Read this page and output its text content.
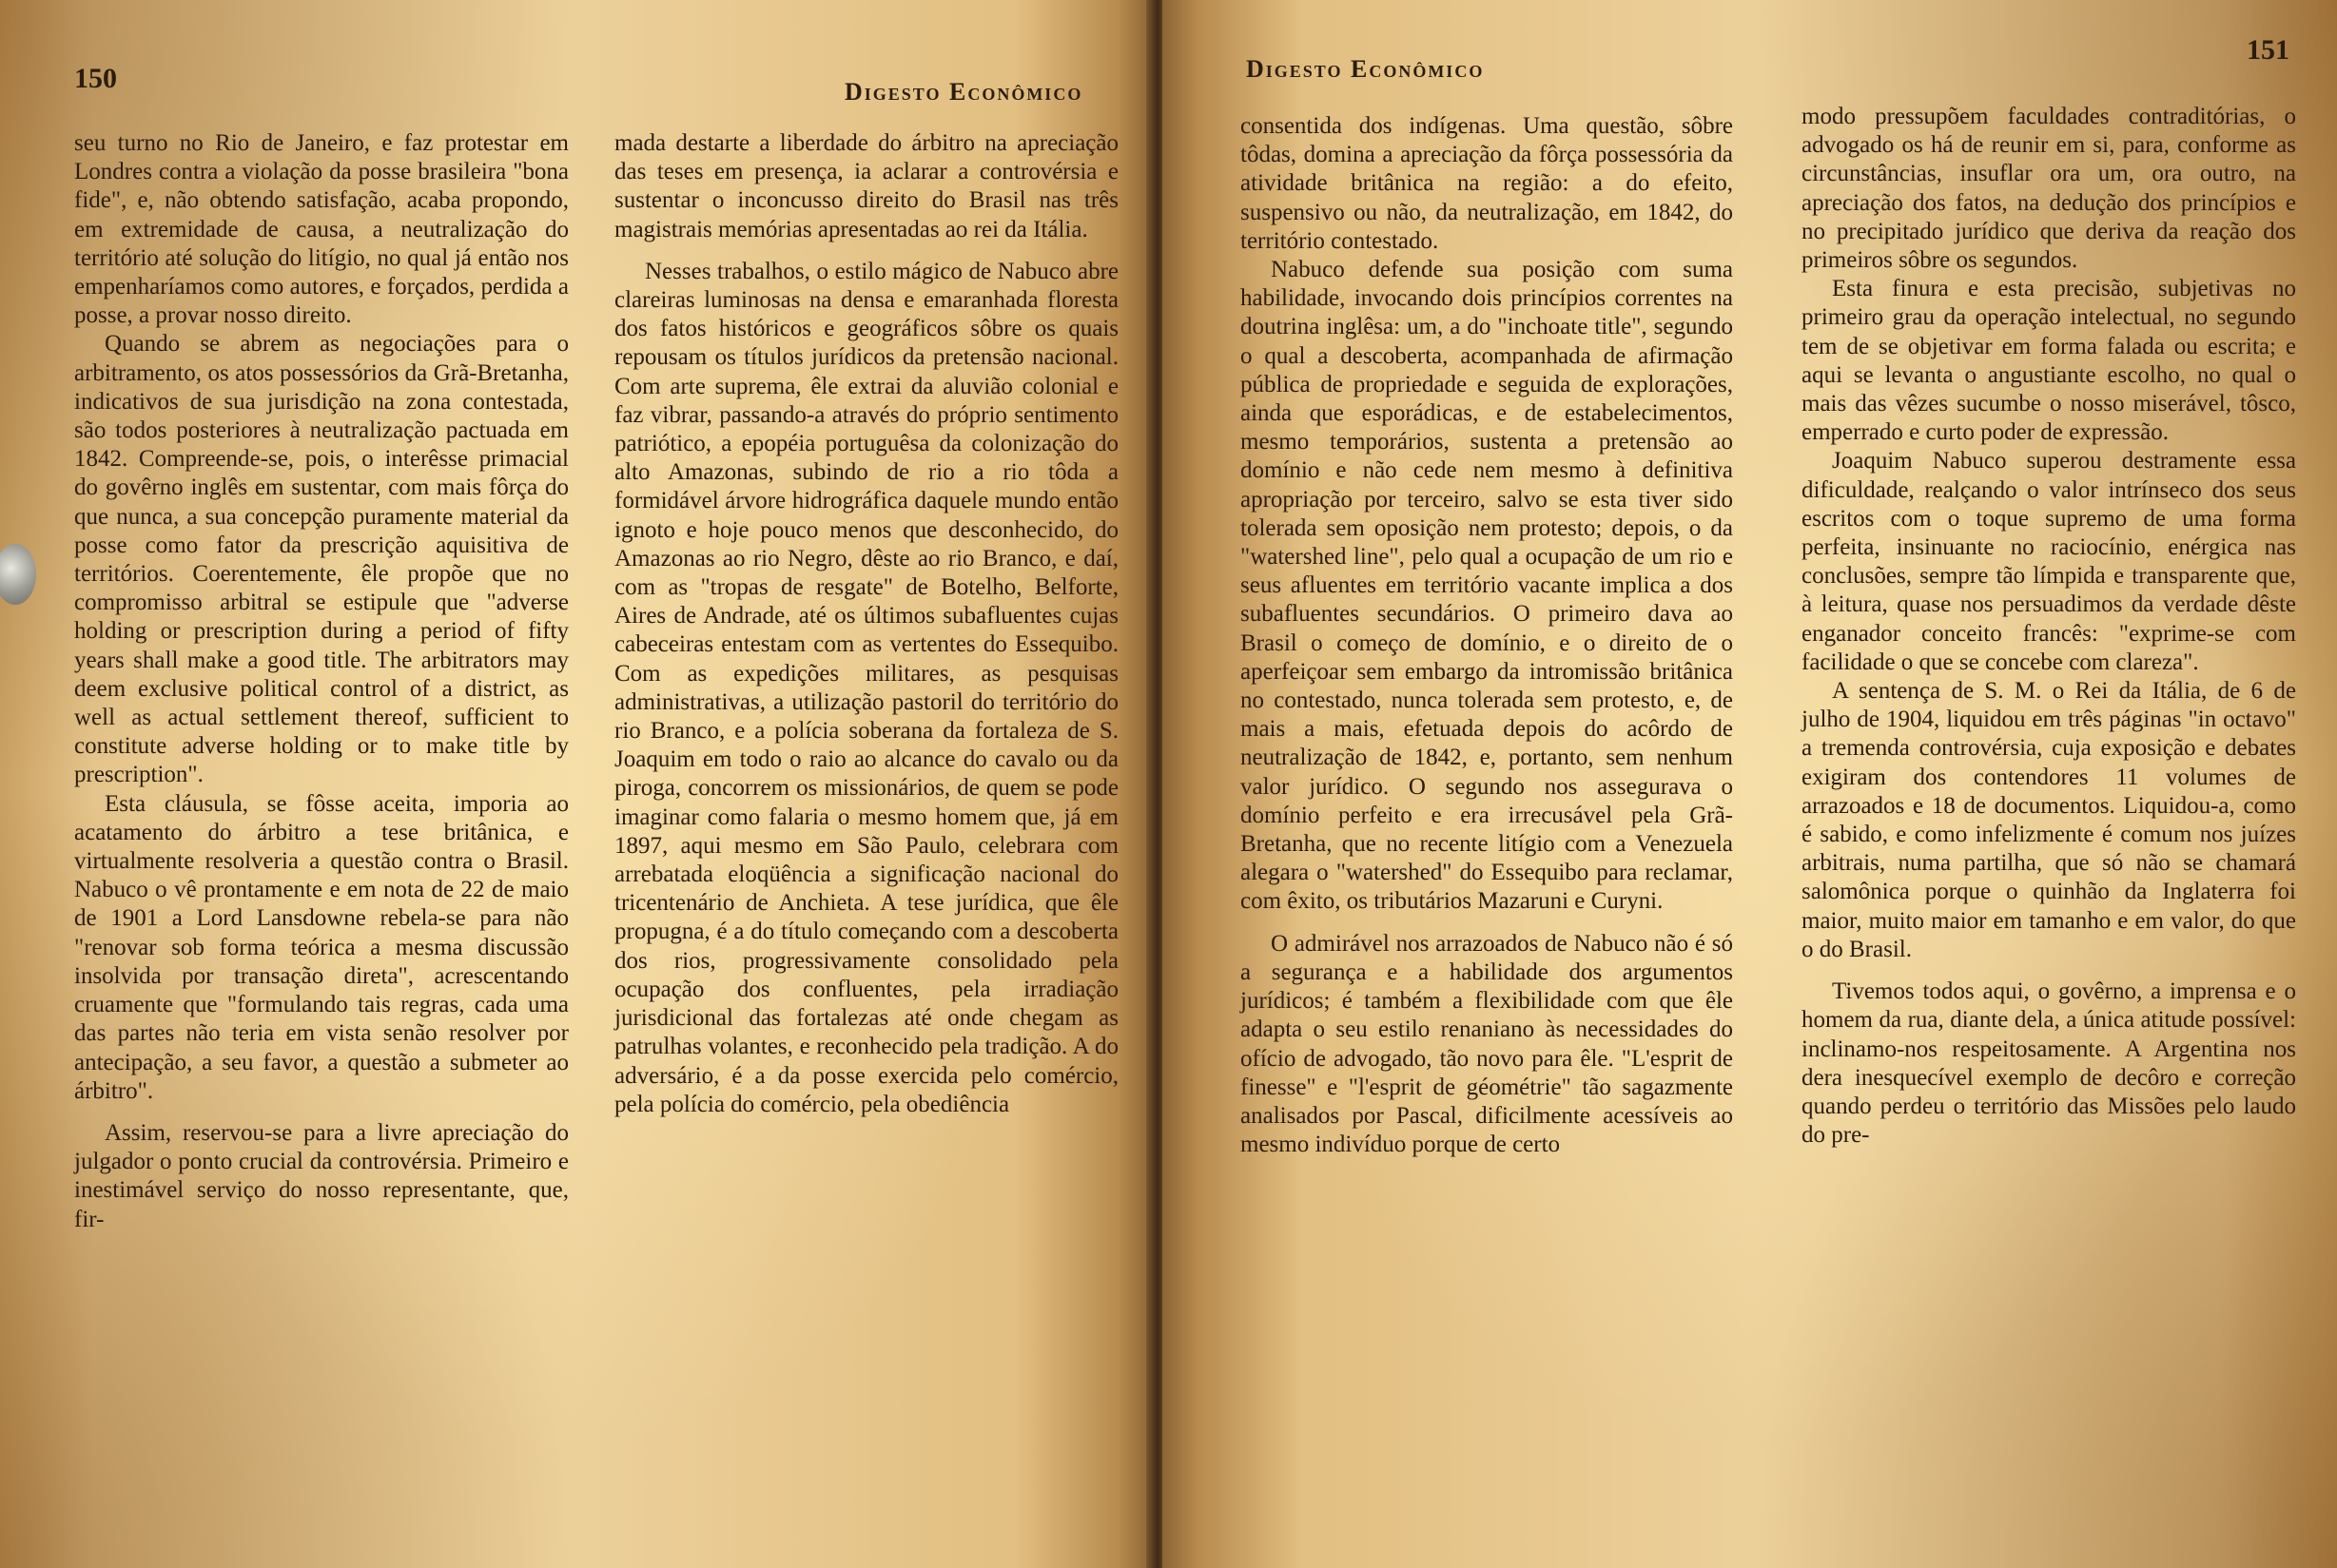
150	Digesto Econômico

seu turno no Rio de Janeiro, e faz protestar em Londres contra a violação da posse brasileira "bona fide", e, não obtendo satisfação, acaba propondo, em extremidade de causa, a neutralização do território até solução do litígio, no qual já então nos empenharíamos como autores, e forçados, perdida a posse, a provar nosso direito.

Quando se abrem as negociações para o arbitramento, os atos possessórios da Grã-Bretanha, indicativos de sua jurisdição na zona contestada, são todos posteriores à neutralização pactuada em 1842. Compreende-se, pois, o interêsse primacial do govêrno inglês em sustentar, com mais fôrça do que nunca, a sua concepção puramente material da posse como fator da prescrição aquisitiva de territórios. Coerentemente, êle propõe que no compromisso arbitral se estipule que "adverse holding or prescription during a period of fifty years shall make a good title. The arbitrators may deem exclusive political control of a district, as well as actual settlement thereof, sufficient to constitute adverse holding or to make title by prescription".

Esta cláusula, se fôsse aceita, imporia ao acatamento do árbitro a tese britânica, e virtualmente resolveria a questão contra o Brasil. Nabuco o vê prontamente e em nota de 22 de maio de 1901 a Lord Lansdowne rebela-se para não "renovar sob forma teórica a mesma discussão insolvida por transação direta", acrescentando cruamente que "formulando tais regras, cada uma das partes não teria em vista senão resolver por antecipação, a seu favor, a questão a submeter ao árbitro".

Assim, reservou-se para a livre apreciação do julgador o ponto crucial da controvérsia. Primeiro e inestimável serviço do nosso representante, que, fir-

mada destarte a liberdade do árbitro na apreciação das teses em presença, ia aclarar a controvérsia e sustentar o inconcusso direito do Brasil nas três magistrais memórias apresentadas ao rei da Itália.

Nesses trabalhos, o estilo mágico de Nabuco abre clareiras luminosas na densa e emaranhada floresta dos fatos históricos e geográficos sôbre os quais repousam os títulos jurídicos da pretensão nacional. Com arte suprema, êle extrai da aluvião colonial e faz vibrar, passando-a através do próprio sentimento patriótico, a epopéia portuguêsa da colonização do alto Amazonas, subindo de rio a rio tôda a formidável árvore hidrográfica daquele mundo então ignoto e hoje pouco menos que desconhecido, do Amazonas ao rio Negro, dêste ao rio Branco, e daí, com as "tropas de resgate" de Botelho, Belforte, Aires de Andrade, até os últimos subafluentes cujas cabeceiras entestam com as vertentes do Essequibo. Com as expedições militares, as pesquisas administrativas, a utilização pastoril do território do rio Branco, e a polícia soberana da fortaleza de S. Joaquim em todo o raio ao alcance do cavalo ou da piroga, concorrem os missionários, de quem se pode imaginar como falaria o mesmo homem que, já em 1897, aqui mesmo em São Paulo, celebrara com arrebatada eloqüência a significação nacional do tricentenário de Anchieta. A tese jurídica, que êle propugna, é a do título começando com a descoberta dos rios, progressivamente consolidado pela ocupação dos confluentes, pela irradiação jurisdicional das fortalezas até onde chegam as patrulhas volantes, e reconhecido pela tradição. A do adversário, é a da posse exercida pelo comércio, pela polícia do comércio, pela obediência

151
Digesto Econômico

consentida dos indígenas. Uma questão, sôbre tôdas, domina a apreciação da fôrça possessória da atividade britânica na região: a do efeito, suspensivo ou não, da neutralização, em 1842, do território contestado.

Nabuco defende sua posição com suma habilidade, invocando dois princípios correntes na doutrina inglêsa: um, a do "inchoate title", segundo o qual a descoberta, acompanhada de afirmação pública de propriedade e seguida de explorações, ainda que esporádicas, e de estabelecimentos, mesmo temporários, sustenta a pretensão ao domínio e não cede nem mesmo à definitiva apropriação por terceiro, salvo se esta tiver sido tolerada sem oposição nem protesto; depois, o da "watershed line", pelo qual a ocupação de um rio e seus afluentes em território vacante implica a dos subafluentes secundários. O primeiro dava ao Brasil o começo de domínio, e o direito de o aperfeiçoar sem embargo da intromissão britânica no contestado, nunca tolerada sem protesto, e, de mais a mais, efetuada depois do acôrdo de neutralização de 1842, e, portanto, sem nenhum valor jurídico. O segundo nos assegurava o domínio perfeito e era irrecusável pela Grã-Bretanha, que no recente litígio com a Venezuela alegara o "watershed" do Essequibo para reclamar, com êxito, os tributários Mazaruni e Curyni.

O admirável nos arrazoados de Nabuco não é só a segurança e a habilidade dos argumentos jurídicos; é também a flexibilidade com que êle adapta o seu estilo renaniano às necessidades do ofício de advogado, tão novo para êle. "L'esprit de finesse" e "l'esprit de géométrie" tão sagazmente analisados por Pascal, dificilmente acessíveis ao mesmo indivíduo porque de certo

modo pressupõem faculdades contraditórias, o advogado os há de reunir em si, para, conforme as circunstâncias, insuflar ora um, ora outro, na apreciação dos fatos, na dedução dos princípios e no precipitado jurídico que deriva da reação dos primeiros sôbre os segundos.

Esta finura e esta precisão, subjetivas no primeiro grau da operação intelectual, no segundo tem de se objetivar em forma falada ou escrita; e aqui se levanta o angustiante escolho, no qual o mais das vêzes sucumbe o nosso miserável, tôsco, emperrado e curto poder de expressão.

Joaquim Nabuco superou destramente essa dificuldade, realçando o valor intrínseco dos seus escritos com o toque supremo de uma forma perfeita, insinuante no raciocínio, enérgica nas conclusões, sempre tão límpida e transparente que, à leitura, quase nos persuadimos da verdade dêste enganador conceito francês: "exprime-se com facilidade o que se concebe com clareza".

A sentença de S. M. o Rei da Itália, de 6 de julho de 1904, liquidou em três páginas "in octavo" a tremenda controvérsia, cuja exposição e debates exigiram dos contendores 11 volumes de arrazoados e 18 de documentos. Liquidou-a, como é sabido, e como infelizmente é comum nos juízes arbitrais, numa partilha, que só não se chamará salomônica porque o quinhão da Inglaterra foi maior, muito maior em tamanho e em valor, do que o do Brasil.

Tivemos todos aqui, o govêrno, a imprensa e o homem da rua, diante dela, a única atitude possível: inclinamo-nos respeitosamente. A Argentina nos dera inesquecível exemplo de decôro e correção quando perdeu o território das Missões pelo laudo do pre-
